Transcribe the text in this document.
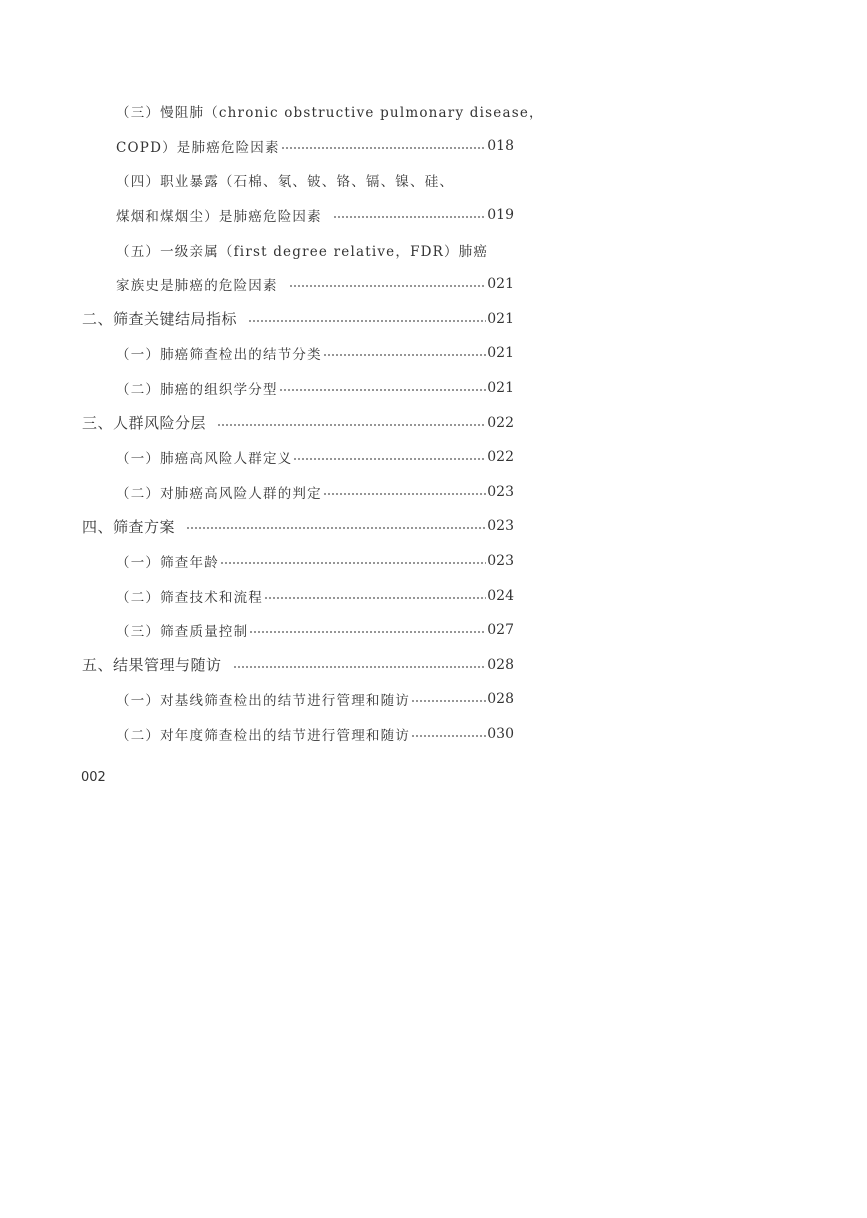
（三）慢阻肺（chronic obstructive pulmonary disease，
COPD）是肺癌危险因素	018
（四）职业暴露（石棉、氡、铍、铬、镉、镍、硅、
煤烟和煤烟尘）是肺癌危险因素	019
（五）一级亲属（first degree relative，FDR）肺癌
家族史是肺癌的危险因素	021
二、筛查关键结局指标	021
（一）肺癌筛查检出的结节分类	021
（二）肺癌的组织学分型	021
三、人群风险分层	022
（一）肺癌高风险人群定义	022
（二）对肺癌高风险人群的判定	023
四、筛查方案	023
（一）筛查年龄	023
（二）筛查技术和流程	024
（三）筛查质量控制	027
五、结果管理与随访	028
（一）对基线筛查检出的结节进行管理和随访	028
（二）对年度筛查检出的结节进行管理和随访	030
002
